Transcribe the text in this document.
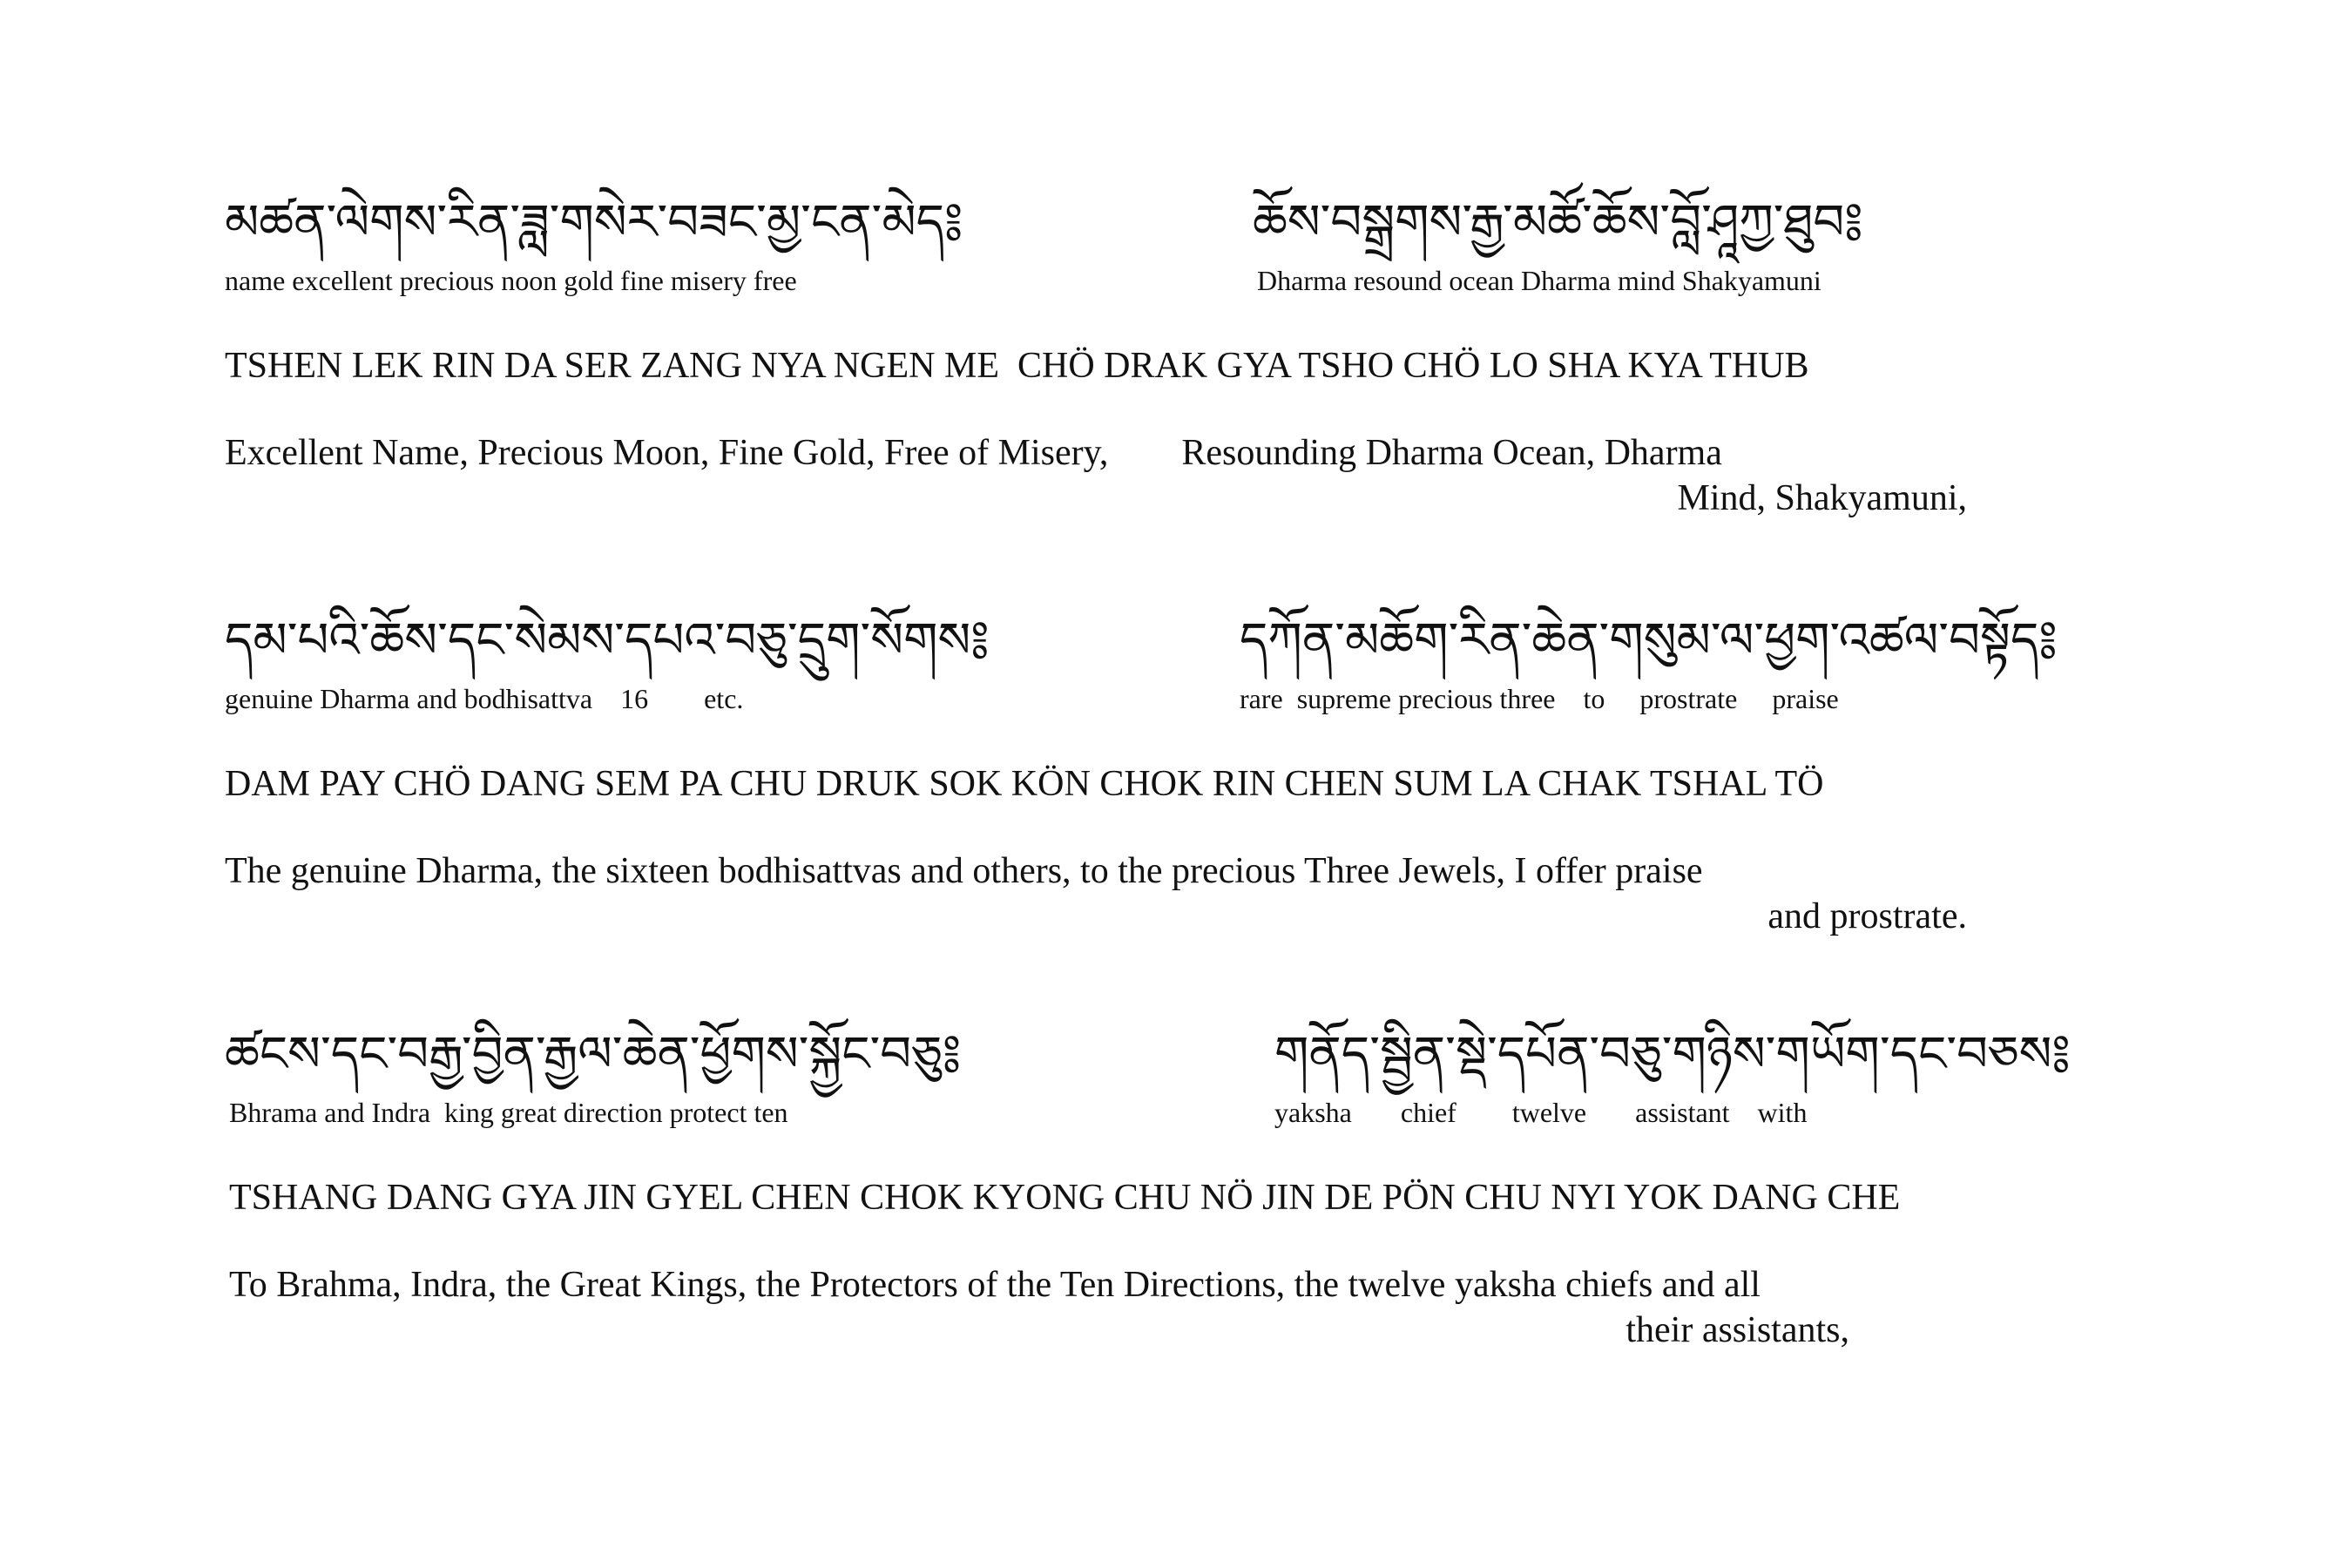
མཚན་ལེགས་རིན་ཟླ་གསེར་བཟང་མྱ་ངན་མེད༔	ཆོས་བསྒྲགས་རྒྱ་མཚོ་ཆོས་བློ་ཤཱཀྱ་ཐུབ༔
name excellent precious noon gold fine misery free	Dharma resound ocean Dharma mind Shakyamuni
TSHEN LEK RIN DA SER ZANG NYA NGEN ME  CHÖ DRAK GYA TSHO CHÖ LO SHA KYA THUB
Excellent Name, Precious Moon, Fine Gold, Free of Misery,        Resounding Dharma Ocean, Dharma
Mind, Shakyamuni,
དམ་པའི་ཆོས་དང་སེམས་དཔའ་བཅུ་དྲུག་སོགས༔	དཀོན་མཆོག་རིན་ཆེན་གསུམ་ལ་ཕྱག་འཚལ་བསྟོད༔
genuine Dharma and bodhisattva    16        etc.	rare  supreme precious three    to     prostrate     praise
DAM PAY CHÖ DANG SEM PA CHU DRUK SOK KÖN CHOK RIN CHEN SUM LA CHAK TSHAL TÖ
The genuine Dharma, the sixteen bodhisattvas and others, to the precious Three Jewels, I offer praise
and prostrate.
ཚངས་དང་བརྒྱ་བྱིན་རྒྱལ་ཆེན་ཕྱོགས་སྐྱོང་བཅུ༔	གནོད་སྦྱིན་སྡེ་དཔོན་བཅུ་གཉིས་གཡོག་དང་བཅས༔
Bhrama and Indra  king great direction protect ten	yaksha       chief        twelve       assistant    with
TSHANG DANG GYA JIN GYEL CHEN CHOK KYONG CHU NÖ JIN DE PÖN CHU NYI YOK DANG CHE
To Brahma, Indra, the Great Kings, the Protectors of the Ten Directions, the twelve yaksha chiefs and all
their assistants,
